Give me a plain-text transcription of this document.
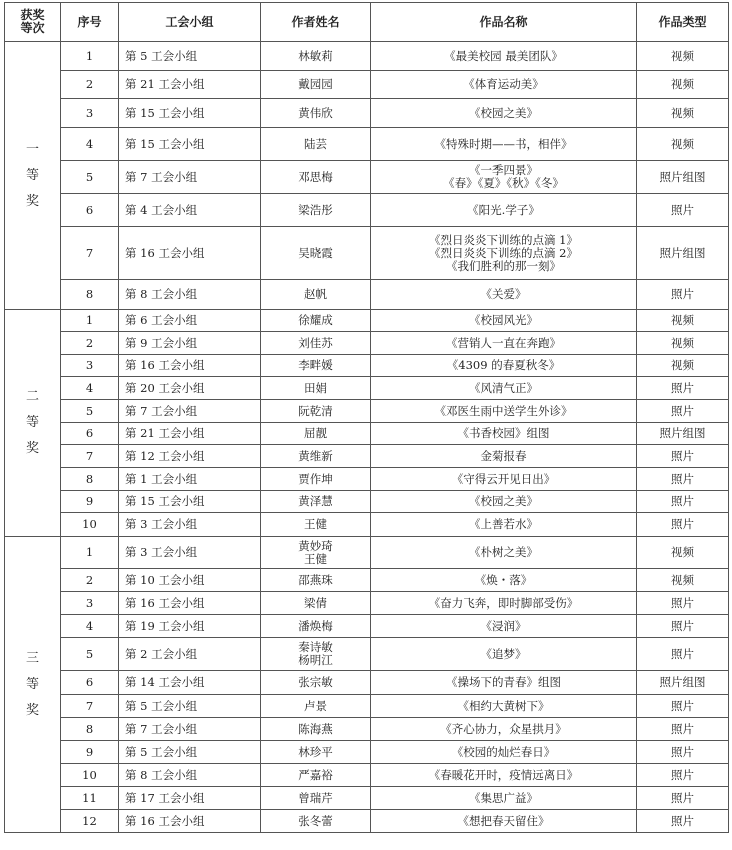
获奖
等次	序号	工会小组	作者姓名	作品名称	作品类型

一
等
奖	1	第 5 工会小组	林敏莉	《最美校园 最美团队》	视频
	2	第 21 工会小组	戴园园	《体育运动美》	视频
	3	第 15 工会小组	黄伟欣	《校园之美》	视频
	4	第 15 工会小组	陆芸	《特殊时期——书，相伴》	视频
	5	第 7 工会小组	邓思梅	《一季四景》
《春》《夏》《秋》《冬》	照片组图
	6	第 4 工会小组	梁浩彤	《阳光.学子》	照片
	7	第 16 工会小组	吴晓霞	《烈日炎炎下训练的点滴 1》
《烈日炎炎下训练的点滴 2》
《我们胜利的那一刻》	照片组图
	8	第 8 工会小组	赵帆	《关爱》	照片

二
等
奖	1	第 6 工会小组	徐耀成	《校园风光》	视频
	2	第 9 工会小组	刘佳苏	《营销人一直在奔跑》	视频
	3	第 16 工会小组	李畔媛	《4309 的春夏秋冬》	视频
	4	第 20 工会小组	田娟	《风清气正》	照片
	5	第 7 工会小组	阮乾清	《邓医生雨中送学生外诊》	照片
	6	第 21 工会小组	屈靓	《书香校园》组图	照片组图
	7	第 12 工会小组	黄维新	金菊报春	照片
	8	第 1 工会小组	贾作坤	《守得云开见日出》	照片
	9	第 15 工会小组	黄泽慧	《校园之美》	照片
	10	第 3 工会小组	王健	《上善若水》	照片

三
等
奖	1	第 3 工会小组	黄妙琦
王健	《朴树之美》	视频
	2	第 10 工会小组	邵燕珠	《焕・落》	视频
	3	第 16 工会小组	梁倩	《奋力飞奔，即时脚部受伤》	照片
	4	第 19 工会小组	潘焕梅	《浸润》	照片
	5	第 2 工会小组	秦诗敏
杨明江	《追梦》	照片
	6	第 14 工会小组	张宗敏	《操场下的青春》组图	照片组图
	7	第 5 工会小组	卢景	《相约大黄树下》	照片
	8	第 7 工会小组	陈海燕	《齐心协力，众星拱月》	照片
	9	第 5 工会小组	林珍平	《校园的灿烂春日》	照片
	10	第 8 工会小组	严嘉裕	《春暖花开时，疫情远离日》	照片
	11	第 17 工会小组	曾瑞芹	《集思广益》	照片
	12	第 16 工会小组	张冬蕾	《想把春天留住》	照片
